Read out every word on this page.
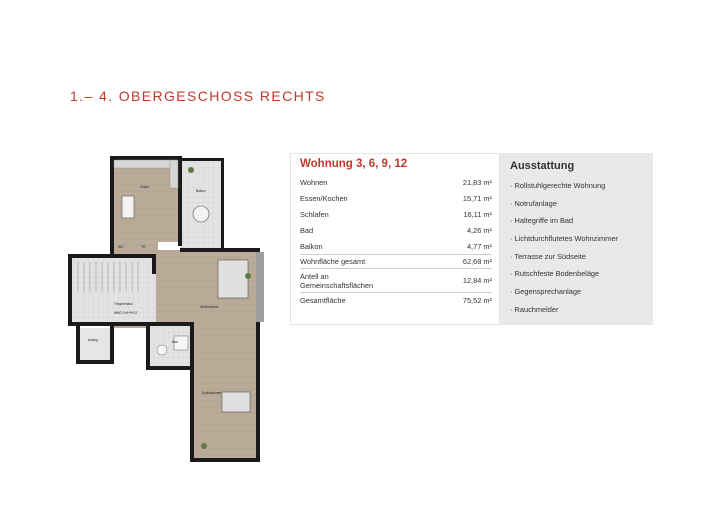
1.– 4. OBERGESCHOSS RECHTS
Küche
Balkon
Wohnzimmer
Schlafzimmer
Bad
Treppenhaus
WHG 3+6+9+12
WC	TR
Aufzug
Wohnung 3, 6, 9, 12
Wohnen	21,83 m²
Essen/Kochen	15,71 m²
Schlafen	16,11 m²
Bad	4,26 m²
Balkon	4,77 m²
Wohnfläche gesamt	62,68 m²
Antell an
Gemeinschaftsflächen
12,84 m²
Gesamtfläche	75,52 m²
Ausstattung
· Rollstuhlgerechte Wohnung
· Notrufanlage
· Haltegriffe im Bad
· Lichtdurchflutetes Wohnzimmer
· Terrasse zur Südseite
· Rutschfeste Bodenbeläge
· Gegensprechanlage
· Rauchmelder
